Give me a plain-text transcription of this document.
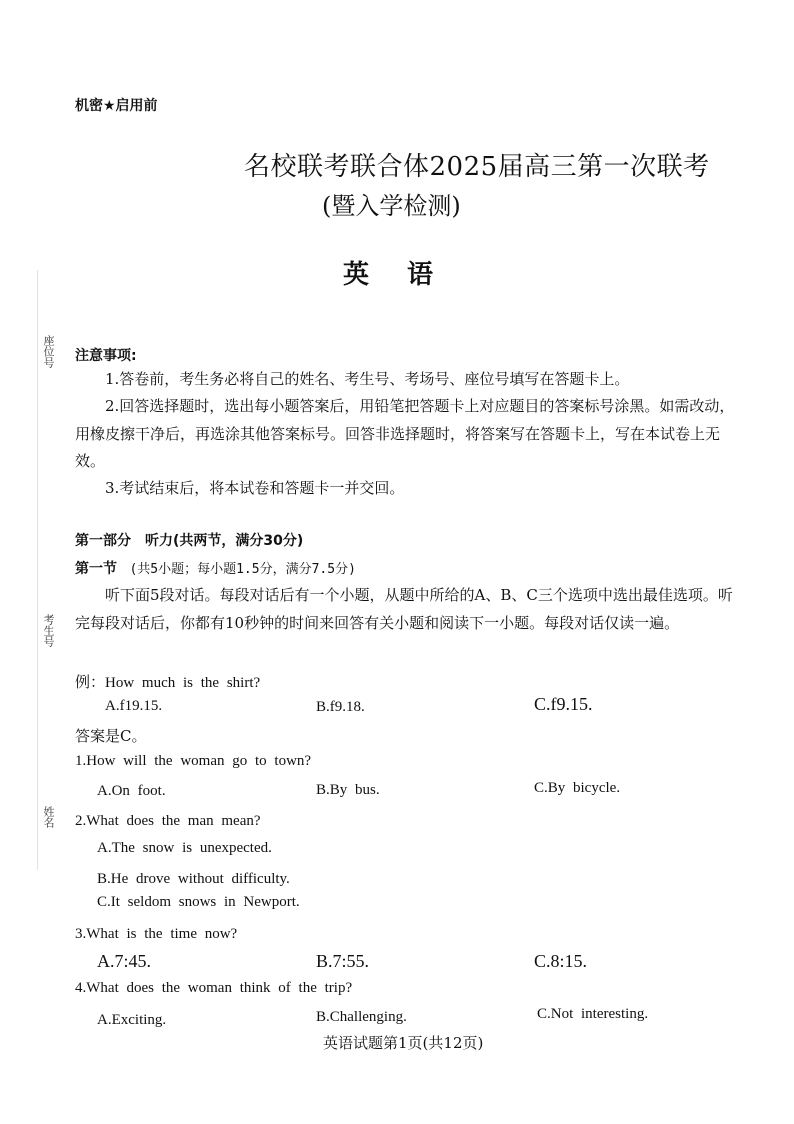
机密★启用前
名校联考联合体2025届高三第一次联考
(暨入学检测)
英语
座位号
考生号
姓名
注意事项:
1.答卷前，考生务必将自己的姓名、考生号、考场号、座位号填写在答题卡上。
2.回答选择题时，选出每小题答案后，用铅笔把答题卡上对应题目的答案标号涂黑。如需改动，用橡皮擦干净后，再选涂其他答案标号。回答非选择题时，将答案写在答题卡上，写在本试卷上无效。
3.考试结束后，将本试卷和答题卡一并交回。
第一部分　听力(共两节，满分30分)
第一节 (共5小题；每小题1.5分，满分7.5分)
听下面5段对话。每段对话后有一个小题，从题中所给的A、B、C三个选项中选出最佳选项。听完每段对话后，你都有10秒钟的时间来回答有关小题和阅读下一小题。每段对话仅读一遍。
例：How much is the shirt?
A.f19.15.	B.f9.18.	C.f9.15.
答案是C。
1.How will the woman go to town?
A.On foot.	B.By bus.	C.By bicycle.
2.What does the man mean?
A.The snow is unexpected.
B.He drove without difficulty.
C.It seldom snows in Newport.
3.What is the time now?
A.7:45.	B.7:55.	C.8:15.
4.What does the woman think of the trip?
A.Exciting.	B.Challenging.	C.Not interesting.
英语试题第1页(共12页)
